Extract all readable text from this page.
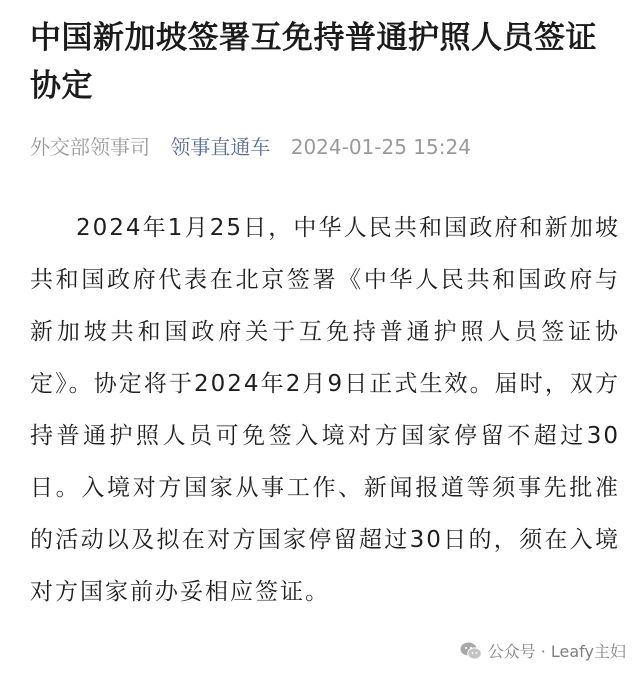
中国新加坡签署互免持普通护照人员签证协定
外交部领事司 领事直通车 2024-01-25 15:24

2024年1月25日，中华人民共和国政府和新加坡共和国政府代表在北京签署《中华人民共和国政府与新加坡共和国政府关于互免持普通护照人员签证协定》。协定将于2024年2月9日正式生效。届时，双方持普通护照人员可免签入境对方国家停留不超过30日。入境对方国家从事工作、新闻报道等须事先批准的活动以及拟在对方国家停留超过30日的，须在入境对方国家前办妥相应签证。

公众号 · Leafy主妇
